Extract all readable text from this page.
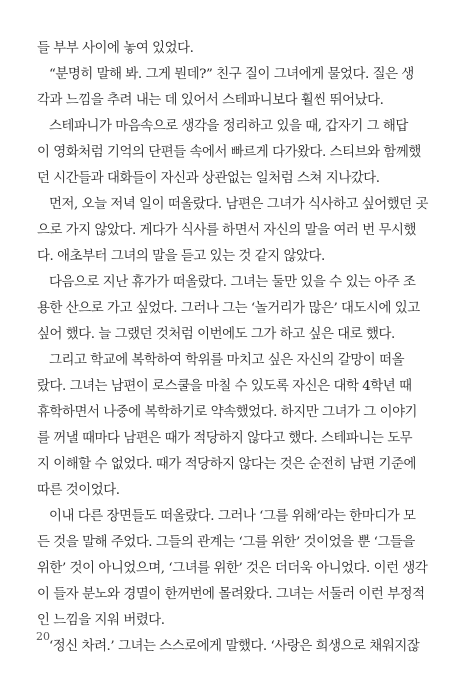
들 부부 사이에 놓여 있었다.
“분명히 말해 봐. 그게 뭔데?” 친구 질이 그녀에게 물었다. 질은 생
각과 느낌을 추려 내는 데 있어서 스테파니보다 훨씬 뛰어났다.
스테파니가 마음속으로 생각을 정리하고 있을 때, 갑자기 그 해답
이 영화처럼 기억의 단편들 속에서 빠르게 다가왔다. 스티브와 함께했
던 시간들과 대화들이 자신과 상관없는 일처럼 스쳐 지나갔다.
먼저, 오늘 저녁 일이 떠올랐다. 남편은 그녀가 식사하고 싶어했던 곳
으로 가지 않았다. 게다가 식사를 하면서 자신의 말을 여러 번 무시했
다. 애초부터 그녀의 말을 듣고 있는 것 같지 않았다.
다음으로 지난 휴가가 떠올랐다. 그녀는 둘만 있을 수 있는 아주 조
용한 산으로 가고 싶었다. 그러나 그는 ‘놀거리가 많은’ 대도시에 있고
싶어 했다. 늘 그랬던 것처럼 이번에도 그가 하고 싶은 대로 했다.
그리고 학교에 복학하여 학위를 마치고 싶은 자신의 갈망이 떠올
랐다. 그녀는 남편이 로스쿨을 마칠 수 있도록 자신은 대학 4학년 때
휴학하면서 나중에 복학하기로 약속했었다. 하지만 그녀가 그 이야기
를 꺼낼 때마다 남편은 때가 적당하지 않다고 했다. 스테파니는 도무
지 이해할 수 없었다. 때가 적당하지 않다는 것은 순전히 남편 기준에
따른 것이었다.
이내 다른 장면들도 떠올랐다. 그러나 ‘그를 위해’라는 한마디가 모
든 것을 말해 주었다. 그들의 관계는 ‘그를 위한’ 것이었을 뿐 ‘그들을
위한’ 것이 아니었으며, ‘그녀를 위한’ 것은 더더욱 아니었다. 이런 생각
이 들자 분노와 경멸이 한꺼번에 몰려왔다. 그녀는 서둘러 이런 부정적
인 느낌을 지워 버렸다.
‘정신 차려.’ 그녀는 스스로에게 말했다. ‘사랑은 희생으로 채워지잖
20
